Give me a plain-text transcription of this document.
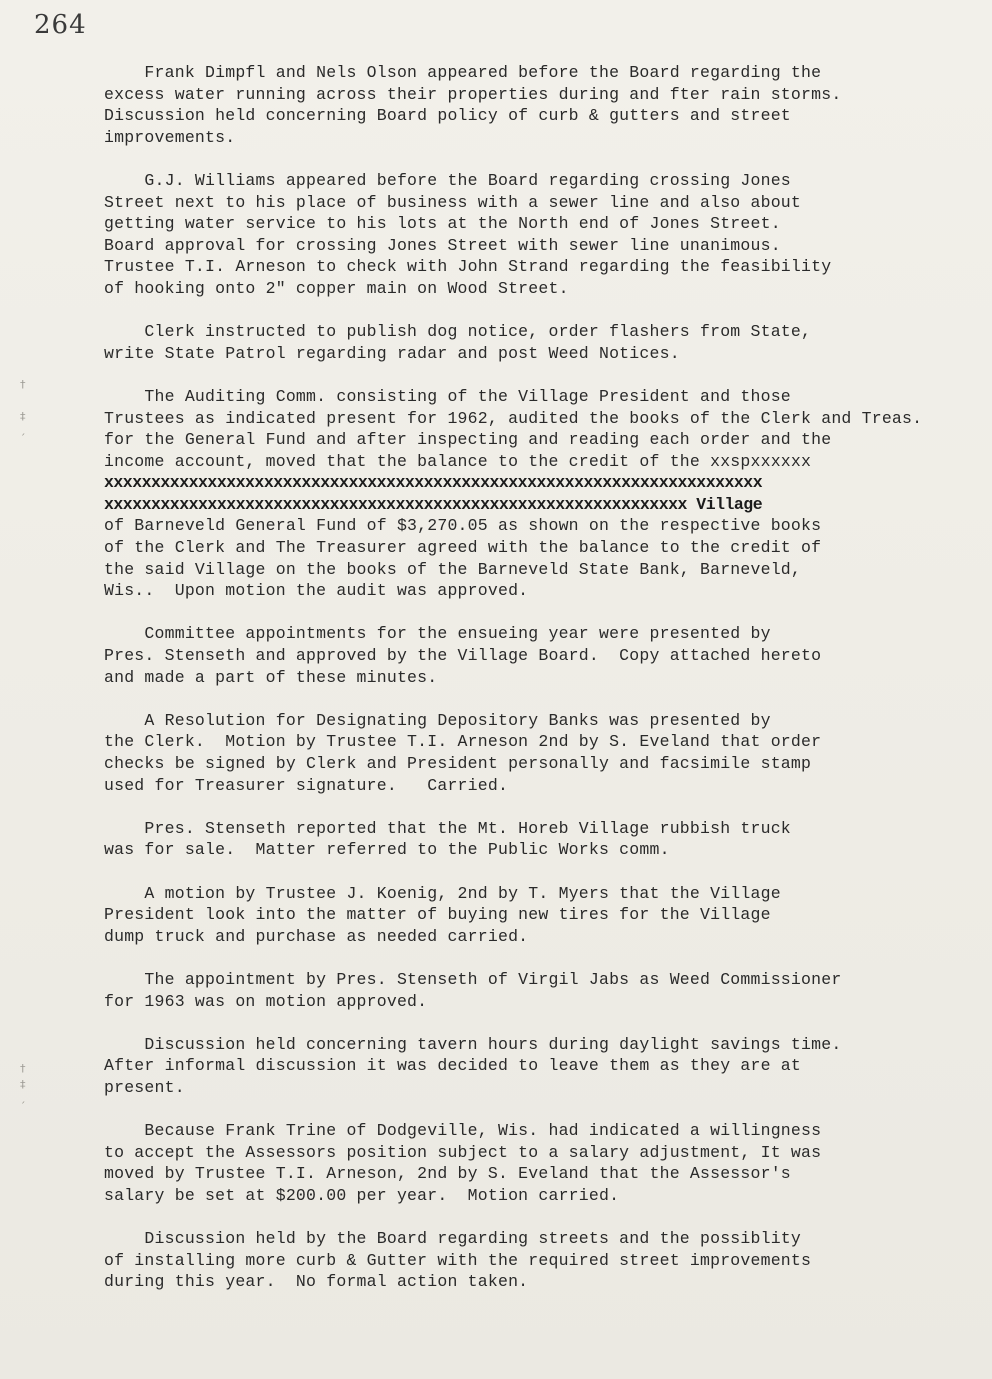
264
†
‡
´
†
‡
´
Frank Dimpfl and Nels Olson appeared before the Board regarding the
excess water running across their properties during and fter rain storms.
Discussion held concerning Board policy of curb & gutters and street
improvements.
G.J. Williams appeared before the Board regarding crossing Jones
Street next to his place of business with a sewer line and also about
getting water service to his lots at the North end of Jones Street.
Board approval for crossing Jones Street with sewer line unanimous.
Trustee T.I. Arneson to check with John Strand regarding the feasibility
of hooking onto 2" copper main on Wood Street.
Clerk instructed to publish dog notice, order flashers from State,
write State Patrol regarding radar and post Weed Notices.
The Auditing Comm. consisting of the Village President and those
Trustees as indicated present for 1962, audited the books of the Clerk and Treas.
for the General Fund and after inspecting and reading each order and the
income account, moved that the balance to the credit of the xxspxxxxxx
xxxxxxxxxxxxxxxxxxxxxxxxxxxxxxxxxxxxxxxxxxxxxxxxxxxxxxxxxxxxxxxxxxxxxx
xxxxxxxxxxxxxxxxxxxxxxxxxxxxxxxxxxxxxxxxxxxxxxxxxxxxxxxxxxxxxx Village
of Barneveld General Fund of $3,270.05 as shown on the respective books
of the Clerk and The Treasurer agreed with the balance to the credit of
the said Village on the books of the Barneveld State Bank, Barneveld,
Wis..  Upon motion the audit was approved.
Committee appointments for the ensueing year were presented by
Pres. Stenseth and approved by the Village Board.  Copy attached hereto
and made a part of these minutes.
A Resolution for Designating Depository Banks was presented by
the Clerk.  Motion by Trustee T.I. Arneson 2nd by S. Eveland that order
checks be signed by Clerk and President personally and facsimile stamp
used for Treasurer signature.   Carried.
Pres. Stenseth reported that the Mt. Horeb Village rubbish truck
was for sale.  Matter referred to the Public Works comm.
A motion by Trustee J. Koenig, 2nd by T. Myers that the Village
President look into the matter of buying new tires for the Village
dump truck and purchase as needed carried.
The appointment by Pres. Stenseth of Virgil Jabs as Weed Commissioner
for 1963 was on motion approved.
Discussion held concerning tavern hours during daylight savings time.
After informal discussion it was decided to leave them as they are at
present.
Because Frank Trine of Dodgeville, Wis. had indicated a willingness
to accept the Assessors position subject to a salary adjustment, It was
moved by Trustee T.I. Arneson, 2nd by S. Eveland that the Assessor's
salary be set at $200.00 per year.  Motion carried.
Discussion held by the Board regarding streets and the possiblity
of installing more curb & Gutter with the required street improvements
during this year.  No formal action taken.
